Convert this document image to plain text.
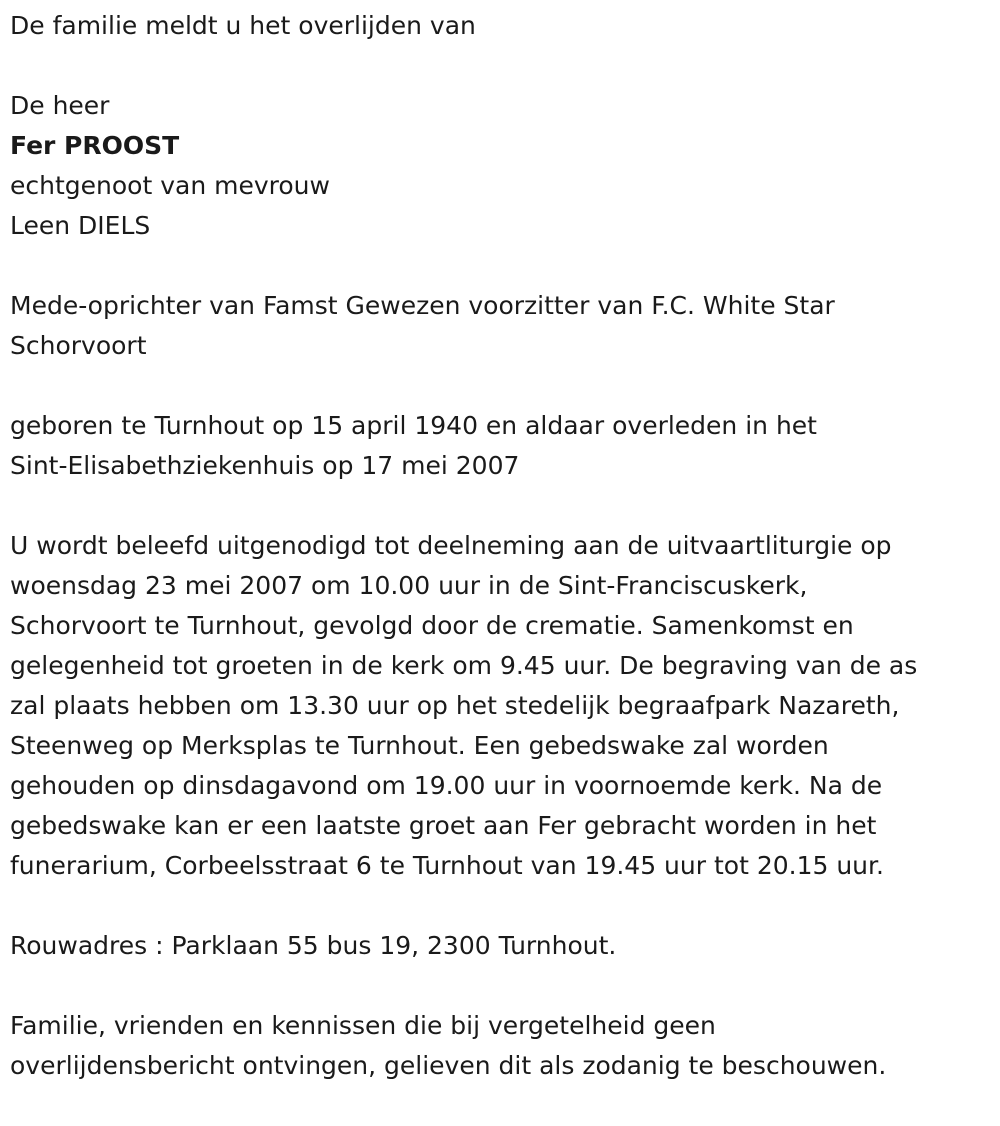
De familie meldt u het overlijden van

De heer

Fer PROOST

echtgenoot van mevrouw

Leen DIELS

Mede-oprichter van Famst Gewezen voorzitter van F.C. White Star

Schorvoort

geboren te Turnhout op 15 april 1940 en aldaar overleden in het

Sint-Elisabethziekenhuis op 17 mei 2007

U wordt beleefd uitgenodigd tot deelneming aan de uitvaartliturgie op

woensdag 23 mei 2007 om 10.00 uur in de Sint-Franciscuskerk,

Schorvoort te Turnhout, gevolgd door de crematie. Samenkomst en

gelegenheid tot groeten in de kerk om 9.45 uur. De begraving van de as

zal plaats hebben om 13.30 uur op het stedelijk begraafpark Nazareth,

Steenweg op Merksplas te Turnhout. Een gebedswake zal worden

gehouden op dinsdagavond om 19.00 uur in voornoemde kerk. Na de

gebedswake kan er een laatste groet aan Fer gebracht worden in het

funerarium, Corbeelsstraat 6 te Turnhout van 19.45 uur tot 20.15 uur.

Rouwadres : Parklaan 55 bus 19, 2300 Turnhout.

Familie, vrienden en kennissen die bij vergetelheid geen

overlijdensbericht ontvingen, gelieven dit als zodanig te beschouwen.
